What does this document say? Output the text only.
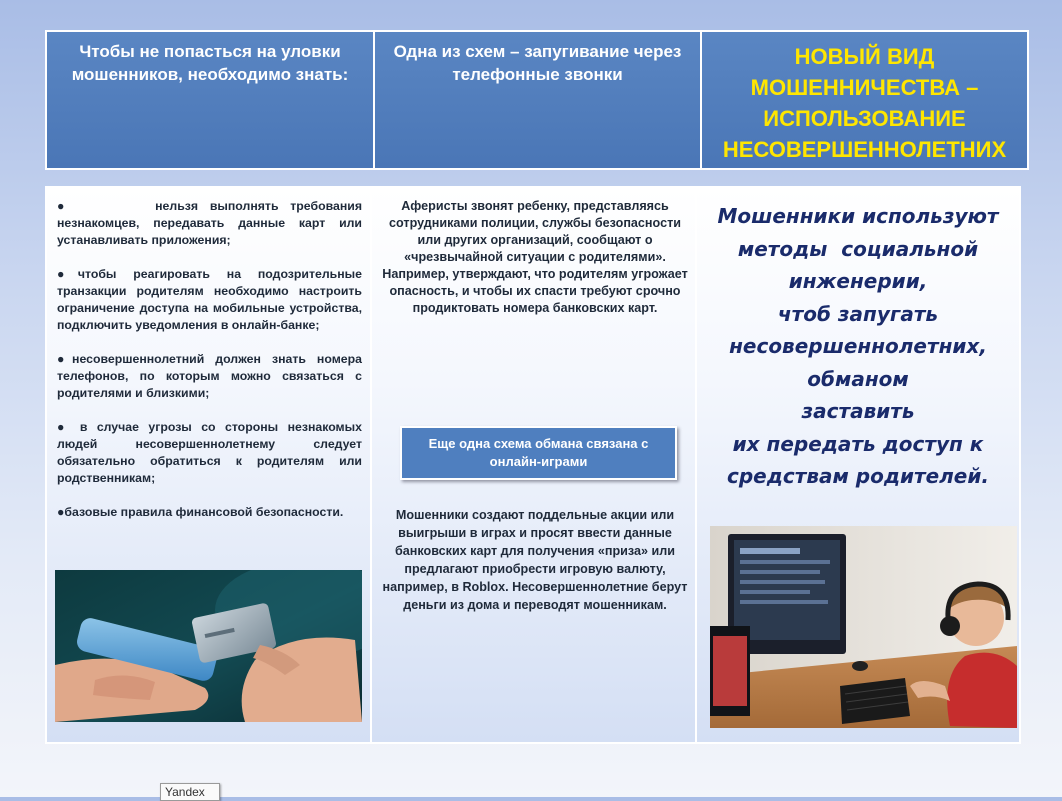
Чтобы не попасться на уловки мошенников, необходимо знать:
Одна из схем – запугивание через телефонные звонки
НОВЫЙ ВИД МОШЕННИЧЕСТВА – ИСПОЛЬЗОВАНИЕ НЕСОВЕРШЕННОЛЕТНИХ

●       нельзя выполнять требования незнакомцев, передавать данные карт или устанавливать приложения;

●чтобы реагировать на подозрительные транзакции родителям необходимо настроить ограничение доступа на мобильные устройства, подключить уведомления в онлайн-банке;

●несовершеннолетний должен знать номера телефонов, по которым можно связаться с родителями и близкими;

● в случае угрозы со стороны незнакомых людей несовершеннолетнему следует обязательно обратиться к родителям или родственникам;

●базовые правила финансовой безопасности.

Аферисты звонят ребенку, представляясь сотрудниками полиции, службы безопасности или других организаций, сообщают о «чрезвычайной ситуации с родителями».
Например, утверждают, что родителям угрожает опасность, и чтобы их спасти требуют срочно продиктовать номера банковских карт.
Еще одна схема обмана связана с онлайн-играми
Мошенники создают поддельные акции или выигрыши в играх и просят ввести данные банковских карт для получения «приза» или предлагают приобрести игровую валюту, например, в Roblox. Несовершеннолетние берут деньги из дома и переводят мошенникам.
Мошенники используют
методы  социальной
инженерии,
чтоб запугать
несовершеннолетних,
обманом
заставить
их передать доступ к
средствам родителей.
Yandex
